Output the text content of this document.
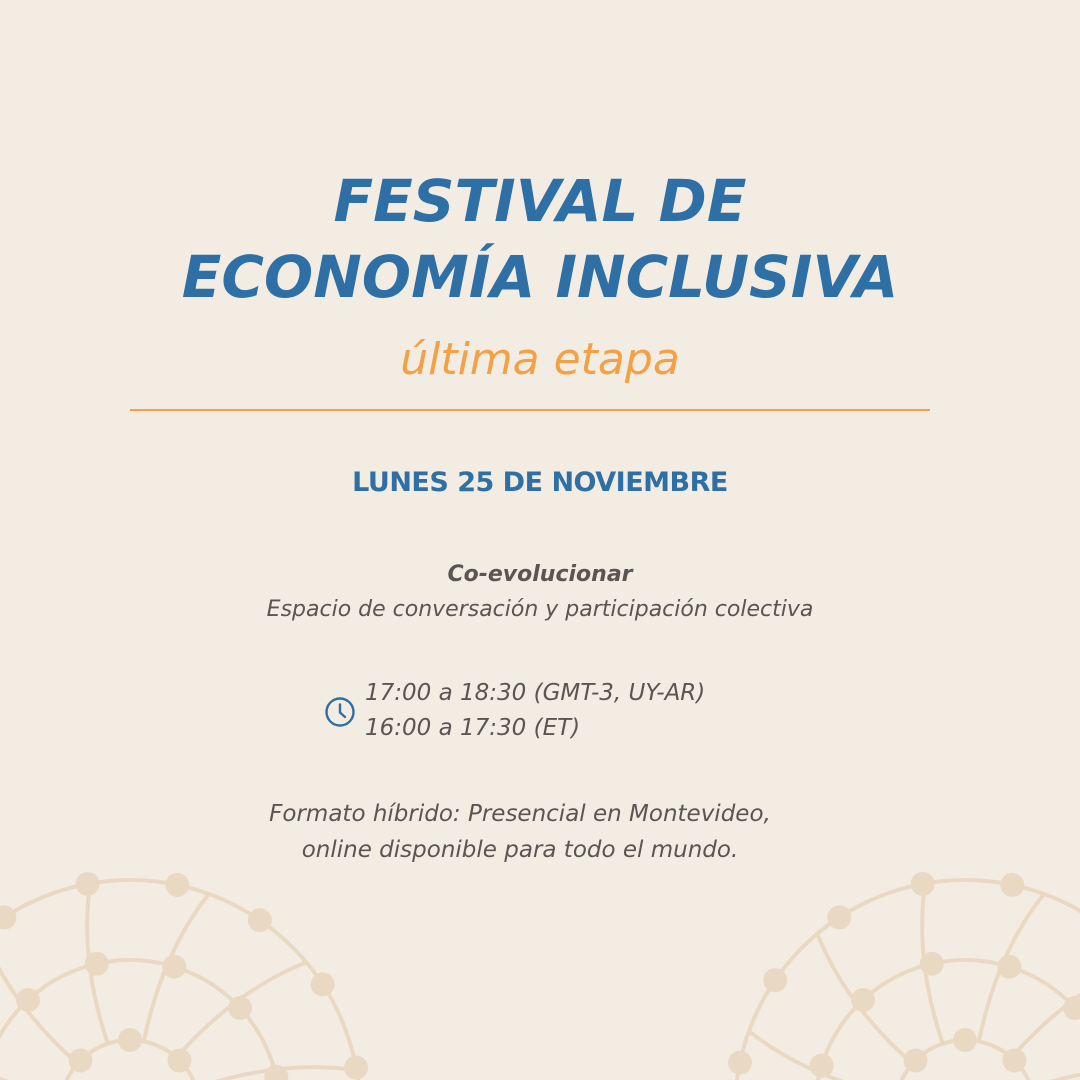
FESTIVAL DE
ECONOMÍA INCLUSIVA

última etapa

LUNES 25 DE NOVIEMBRE
Co-evolucionar
Espacio de conversación y participación colectiva
17:00 a 18:30 (GMT-3, UY-AR)
16:00 a 17:30 (ET)
Formato híbrido: Presencial en Montevideo,
online disponible para todo el mundo.
